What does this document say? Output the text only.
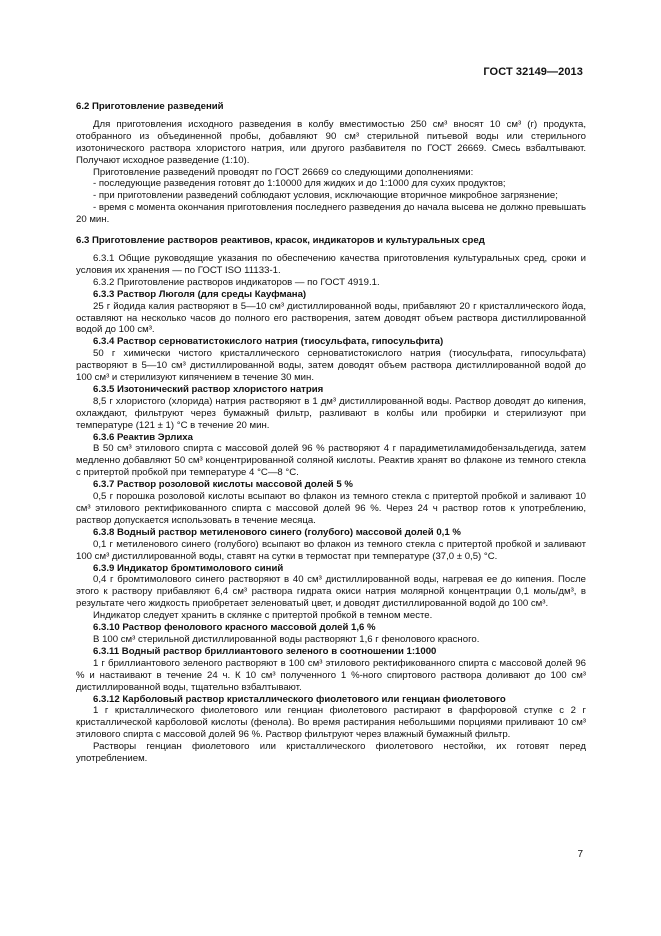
ГОСТ 32149—2013

6.2 Приготовление разведений

Для приготовления исходного разведения в колбу вместимостью 250 см³ вносят 10 см³ (г) продукта, отобранного из объединенной пробы, добавляют 90 см³ стерильной питьевой воды или стерильного изотонического раствора хлористого натрия, или другого разбавителя по ГОСТ 26669. Смесь взбалтывают. Получают исходное разведение (1:10).

Приготовление разведений проводят по ГОСТ 26669 со следующими дополнениями:

- последующие разведения готовят до 1:10000 для жидких и до 1:1000 для сухих продуктов;

- при приготовлении разведений соблюдают условия, исключающие вторичное микробное загрязнение;

- время с момента окончания приготовления последнего разведения до начала высева не должно превышать 20 мин.

6.3 Приготовление растворов реактивов, красок, индикаторов и культуральных сред

6.3.1 Общие руководящие указания по обеспечению качества приготовления культуральных сред, сроки и условия их хранения — по ГОСТ ISO 11133-1.

6.3.2 Приготовление растворов индикаторов — по ГОСТ 4919.1.

6.3.3 Раствор Люголя (для среды Кауфмана)

25 г йодида калия растворяют в 5—10 см³ дистиллированной воды, прибавляют 20 г кристаллического йода, оставляют на несколько часов до полного его растворения, затем доводят объем раствора дистиллированной водой до 100 см³.

6.3.4 Раствор серноватистокислого натрия (тиосульфата, гипосульфита)

50 г химически чистого кристаллического серноватистокислого натрия (тиосульфата, гипосульфата) растворяют в 5—10 см³ дистиллированной воды, затем доводят объем раствора дистиллированной водой до 100 см³ и стерилизуют кипячением в течение 30 мин.

6.3.5 Изотонический раствор хлористого натрия

8,5 г хлористого (хлорида) натрия растворяют в 1 дм³ дистиллированной воды. Раствор доводят до кипения, охлаждают, фильтруют через бумажный фильтр, разливают в колбы или пробирки и стерилизуют при температуре (121 ± 1) °С в течение 20 мин.

6.3.6 Реактив Эрлиха

В 50 см³ этилового спирта с массовой долей 96 % растворяют 4 г парадиметиламидобензальдегида, затем медленно добавляют 50 см³ концентрированной соляной кислоты. Реактив хранят во флаконе из темного стекла с притертой пробкой при температуре 4 °С—8 °С.

6.3.7 Раствор розоловой кислоты массовой долей 5 %

0,5 г порошка розоловой кислоты всыпают во флакон из темного стекла с притертой пробкой и заливают 10 см³ этилового ректификованного спирта с массовой долей 96 %. Через 24 ч раствор готов к употреблению, раствор допускается использовать в течение месяца.

6.3.8 Водный раствор метиленового синего (голубого) массовой долей 0,1 %

0,1 г метиленового синего (голубого) всыпают во флакон из темного стекла с притертой пробкой и заливают 100 см³ дистиллированной воды, ставят на сутки в термостат при температуре (37,0 ± 0,5) °С.

6.3.9 Индикатор бромтимолового синий

0,4 г бромтимолового синего растворяют в 40 см³ дистиллированной воды, нагревая ее до кипения. После этого к раствору прибавляют 6,4 см³ раствора гидрата окиси натрия молярной концентрации 0,1 моль/дм³, в результате чего жидкость приобретает зеленоватый цвет, и доводят дистиллированной водой до 100 см³.

Индикатор следует хранить в склянке с притертой пробкой в темном месте.

6.3.10 Раствор фенолового красного массовой долей 1,6 %

В 100 см³ стерильной дистиллированной воды растворяют 1,6 г фенолового красного.

6.3.11 Водный раствор бриллиантового зеленого в соотношении 1:1000

1 г бриллиантового зеленого растворяют в 100 см³ этилового ректификованного спирта с массовой долей 96 % и настаивают в течение 24 ч. К 10 см³ полученного 1 %-ного спиртового раствора доливают до 100 см³ дистиллированной воды, тщательно взбалтывают.

6.3.12 Карболовый раствор кристаллического фиолетового или генциан фиолетового

1 г кристаллического фиолетового или генциан фиолетового растирают в фарфоровой ступке с 2 г кристаллической карболовой кислоты (фенола). Во время растирания небольшими порциями приливают 10 см³ этилового спирта с массовой долей 96 %. Раствор фильтруют через влажный бумажный фильтр.

Растворы генциан фиолетового или кристаллического фиолетового нестойки, их готовят перед употреблением.

7
